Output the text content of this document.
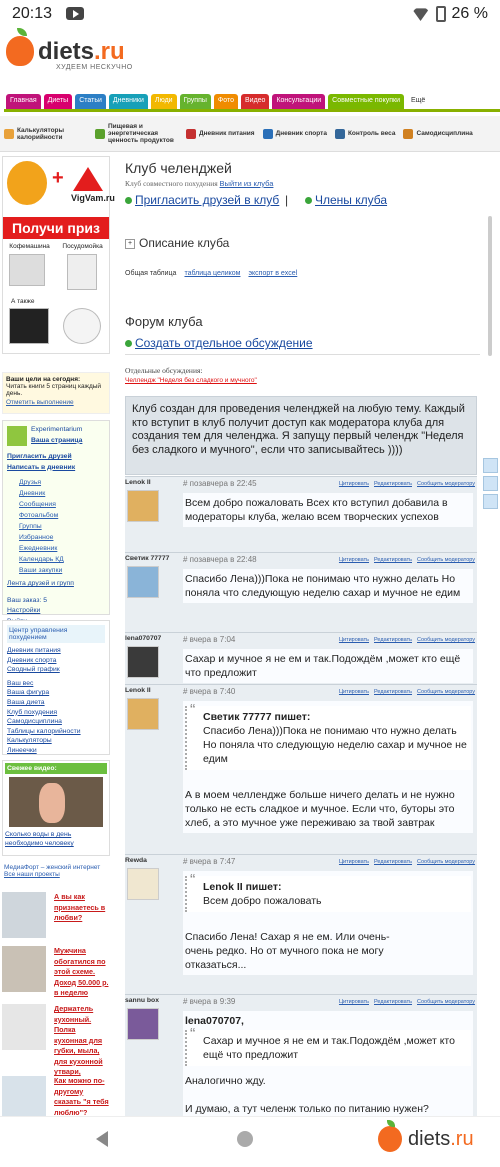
20:13	26 %
diets.ru
ХУДЕЕМ НЕСКУЧНО
Главная	Диеты	Статьи	Дневники	Люди	Группы	Фото	Видео	Консультации	Совместные покупки	Ещё
Калькуляторы калорийности
Пищевая и энергетическая ценность продуктов
Дневник питания	Дневник спорта	Контроль веса	Самодисциплина
+
VigVam.ru
Получи приз
Кофемашина Посудомойка
А также
Ваши цели на сегодня:
Читать книги 5 страниц каждый день.
Отметить выполнение
Experimentarium
Ваша страница
Пригласить друзей
Написать в дневник
Друзья
Дневник
Сообщения
Фотоальбом
Группы
Избранное
Ежедневник
Календарь КД
Ваши закупки
Лента друзей и групп
Ваш заказ: 5
Настройки
Центр управления похудением
Дневник питания
Дневник спорта
Сводный график
Ваш вес
Ваша фигура
Ваша диета
Клуб похудения
Самодисциплина
Таблицы калорийности
Калькуляторы
Линеечки
Свежее видео:
Сколько воды в день необходимо человеку
МедиаФорт – женский интернет
Все наши проекты
А вы как признаетесь в любви?
Мужчина обогатился по этой схеме. Доход 50.000 р. в неделю
Держатель кухонный. Полка кухонная для губки, мыла, для кухонной утвари,
Как можно по-другому сказать "я тебя люблю"?
Клуб челенджей
Клуб совместного похудения Выйти из клуба
Пригласить друзей в клуб |	Члены клуба
+ Описание клуба
Общая таблица таблица целиком экспорт в excel
Форум клуба
Создать отдельное обсуждение
Отдельные обсуждения:
Челлендж "Неделя без сладкого и мучного"
Клуб создан для проведения челенджей на любую тему. Каждый кто вступит в клуб получит доступ как модератора клуба для создания тем для челенджа. Я запущу первый челендж "Неделя без сладкого и мучного", если что записывайтесь ))))
Lenok II	# позавчера в 22:45	Цитировать Редактировать Сообщить модератору
Всем добро пожаловать Всех кто вступил добавила в модераторы клуба, желаю всем творческих успехов
Светик 77777 # позавчера в 22:48	Цитировать Редактировать Сообщить модератору
Спасибо Лена)))Пока не понимаю что нужно делать Но поняла что следующую неделю сахар и мучное не едим
lena070707	# вчера в 7:04	Цитировать Редактировать Сообщить модератору
Сахар и мучное я не ем и так.Подождём ,может кто ещё что предложит
Lenok II	# вчера в 7:40	Цитировать Редактировать Сообщить модератору
“ Светик 77777 пишет:
Спасибо Лена)))Пока не понимаю что нужно делать Но поняла что следующую неделю сахар и мучное не едим
А в моем челлендже больше ничего делать и не нужно только не есть сладкое и мучное. Если что, буторы это хлеб, а это мучное уже переживаю за твой завтрак
Rewda	# вчера в 7:47	Цитировать Редактировать Сообщить модератору
“ Lenok II пишет:
Всем добро пожаловать
Спасибо Лена! Сахар я не ем. Или очень-очень редко. Но от мучного пока не могу отказаться...
sannu box	# вчера в 9:39	Цитировать Редактировать Сообщить модератору
lena070707,
“ Сахар и мучное я не ем и так.Подождём ,может кто ещё что предложит
Аналогично жду.
И думаю, а тут челенж только по питанию нужен?
diets.ru
